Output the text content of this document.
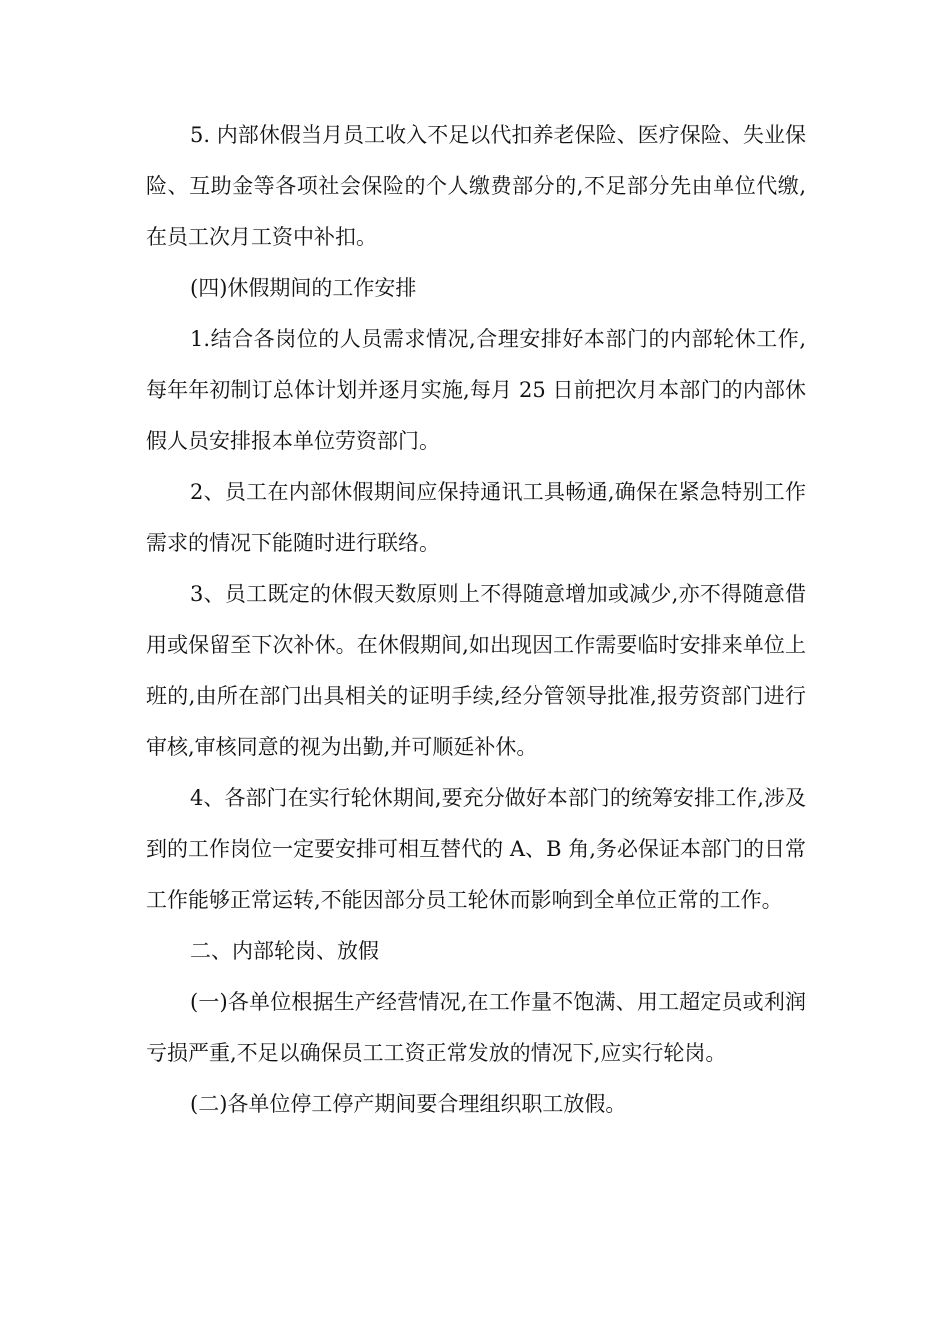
5. 内部休假当月员工收入不足以代扣养老保险、医疗保险、失业保险、互助金等各项社会保险的个人缴费部分的,不足部分先由单位代缴,在员工次月工资中补扣。

(四)休假期间的工作安排

1.结合各岗位的人员需求情况,合理安排好本部门的内部轮休工作,每年年初制订总体计划并逐月实施,每月 25 日前把次月本部门的内部休假人员安排报本单位劳资部门。

2、员工在内部休假期间应保持通讯工具畅通,确保在紧急特别工作需求的情况下能随时进行联络。

3、员工既定的休假天数原则上不得随意增加或减少,亦不得随意借用或保留至下次补休。在休假期间,如出现因工作需要临时安排来单位上班的,由所在部门出具相关的证明手续,经分管领导批准,报劳资部门进行审核,审核同意的视为出勤,并可顺延补休。

4、各部门在实行轮休期间,要充分做好本部门的统筹安排工作,涉及到的工作岗位一定要安排可相互替代的 A、B 角,务必保证本部门的日常工作能够正常运转,不能因部分员工轮休而影响到全单位正常的工作。

二、内部轮岗、放假

(一)各单位根据生产经营情况,在工作量不饱满、用工超定员或利润亏损严重,不足以确保员工工资正常发放的情况下,应实行轮岗。

(二)各单位停工停产期间要合理组织职工放假。
